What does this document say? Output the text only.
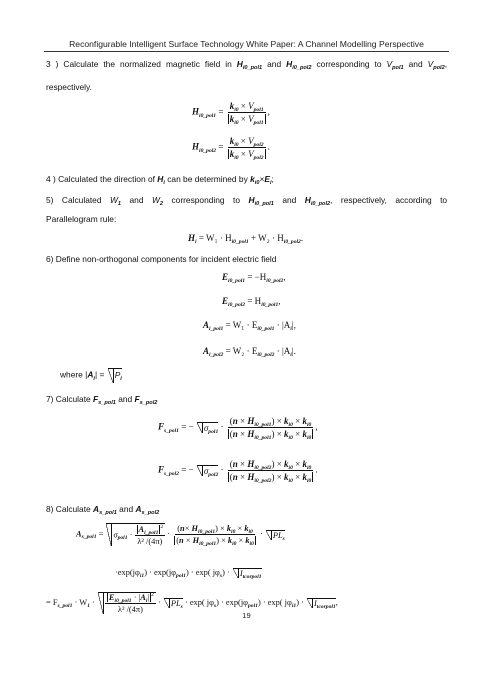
Reconfigurable Intelligent Surface Technology White Paper: A Channel Modelling Perspective
3 ) Calculate the normalized magnetic field in $H_{i0\_pol1}$ and $H_{i0\_pol2}$ corresponding to $V_{pol1}$ and $V_{pol2}$,
respectively.
$H_{i0\_pol1} = \frac{k_{i0} \times V_{pol1}}{k_{i0} \times V_{pol1}}$ ,
$H_{i0\_pol2} = \frac{k_{i0} \times V_{pol2}}{k_{i0} \times V_{pol2}}$ .
4 ) Calculated the direction of $H_i$ can be determined by $k_{i0}\times E_i$;
5) Calculated $W_1$ and $W_2$ corresponding to $H_{i0\_pol1}$ and $H_{i0\_pol2}$, respectively, according to
Parallelogram rule:
$H_i = W_1 \cdot H_{i0\_pol1} + W_2 \cdot H_{i0\_pol2}$.
6) Define non-orthogonal components for incident electric field
$E_{i0\_pol1} = -H_{i0\_pol2}$,
$E_{i0\_pol2} = H_{i0\_pol1}$,
$A_{i\_pol1} = W_1 \cdot E_{i0\_pol1} \cdot |A_i|$,
$A_{i\_pol2} = W_2 \cdot E_{i0\_pol2} \cdot |A_i|$.
where $|A_i| = P_i$
7) Calculate $F_{s\_pol1}$ and $F_{s\_pol2}$
$F_{s\_pol1}$ = − $\sigma_{pol1} \cdot \frac{(n \times H_{i0\_pol1}) \times k_{i0} \times k_{i0}}{(n \times H_{i0\_pol1}) \times k_{i0} \times k_{i0}}$ ,
$F_{s\_pol2}$ = − $\sigma_{pol2} \cdot \frac{(n \times H_{i0\_pol2}) \times k_{i0} \times k_{i0}}{(n \times H_{i0\_pol2}) \times k_{i0} \times k_{i0}}$ .
8) Calculate $A_{s\_pol1}$ and $A_{s\_pol2}$
$A_{s\_pol1} = \sigma_{pol1} \cdot \frac{A_{i\_pol1}^2}{\text{λ² /(4π)}} \cdot \frac{(n\times H_{i0\_pol1}) \times k_{i0} \times k_{i0}}{(n \times H_{i0\_pol1}) \times k_{i0} \times k_{i0}} \cdot PL_s$
$\cdot\exp(j\varphi_{i1}) \cdot \exp(j\varphi_{pol1}) \cdot \exp$( $j\varphi_s) \cdot I_{tcorpol1}$
= $F_{s\_pol1} \cdot W_1 \cdot \frac{E_{i0\_pol1} \cdot |A_i| ^2}{\text{λ² /(4π)}} \cdot PL_s \cdot \exp$( $j\varphi_s) \cdot \exp(j\varphi_{pol1}) \cdot \exp$( $j\varphi_{i1}) \cdot I_{tcorpol1}$,
19
